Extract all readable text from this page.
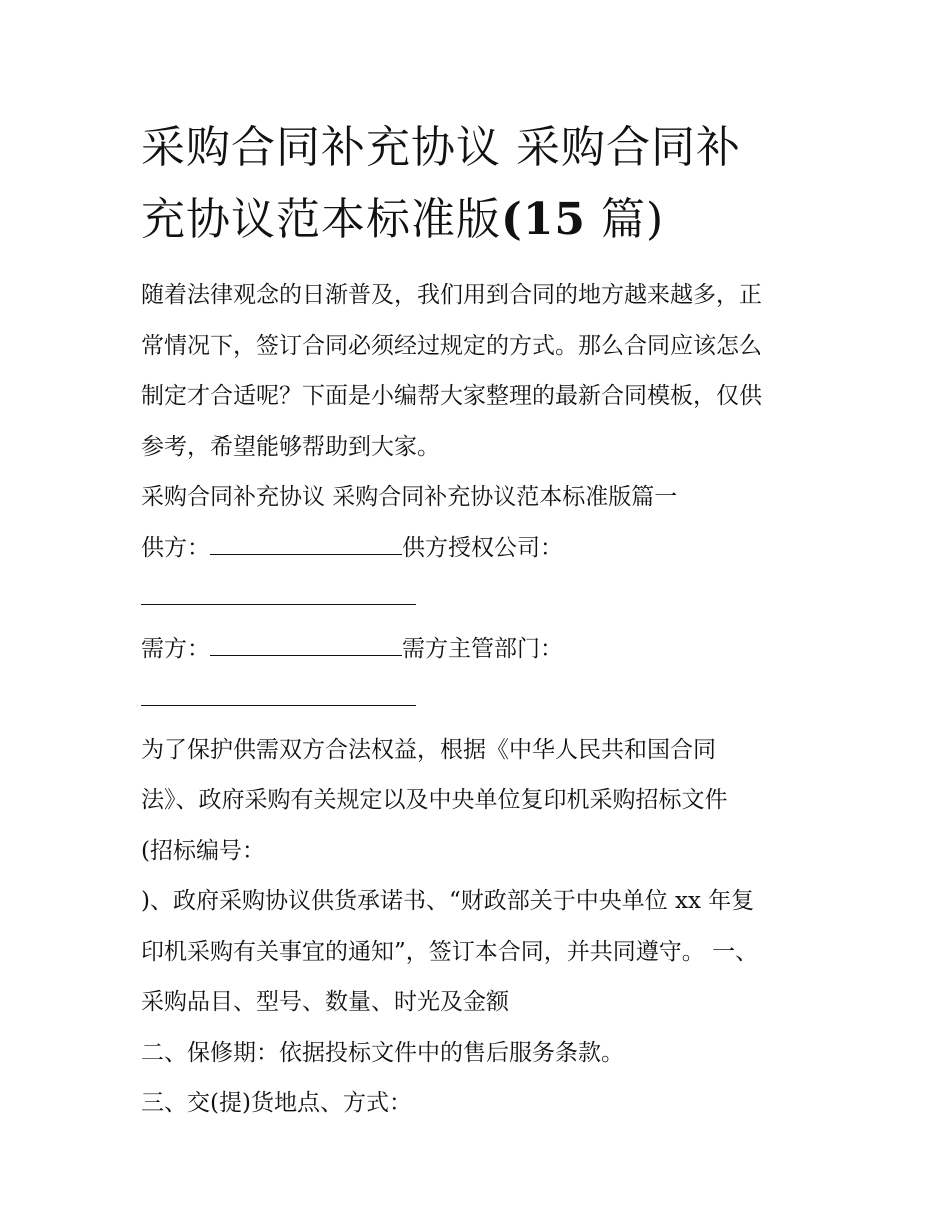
采购合同补充协议 采购合同补
充协议范本标准版(15 篇)
随着法律观念的日渐普及，我们用到合同的地方越来越多，正
常情况下，签订合同必须经过规定的方式。那么合同应该怎么
制定才合适呢？下面是小编帮大家整理的最新合同模板，仅供
参考，希望能够帮助到大家。
采购合同补充协议 采购合同补充协议范本标准版篇一
供方：	供方授权公司：
需方：	需方主管部门：
为了保护供需双方合法权益，根据《中华人民共和国合同
法》、政府采购有关规定以及中央单位复印机采购招标文件
(招标编号：
)、政府采购协议供货承诺书、“财政部关于中央单位 xx 年复
印机采购有关事宜的通知”，签订本合同，并共同遵守。 一、
采购品目、型号、数量、时光及金额
二、保修期：依据投标文件中的售后服务条款。
三、交(提)货地点、方式：
